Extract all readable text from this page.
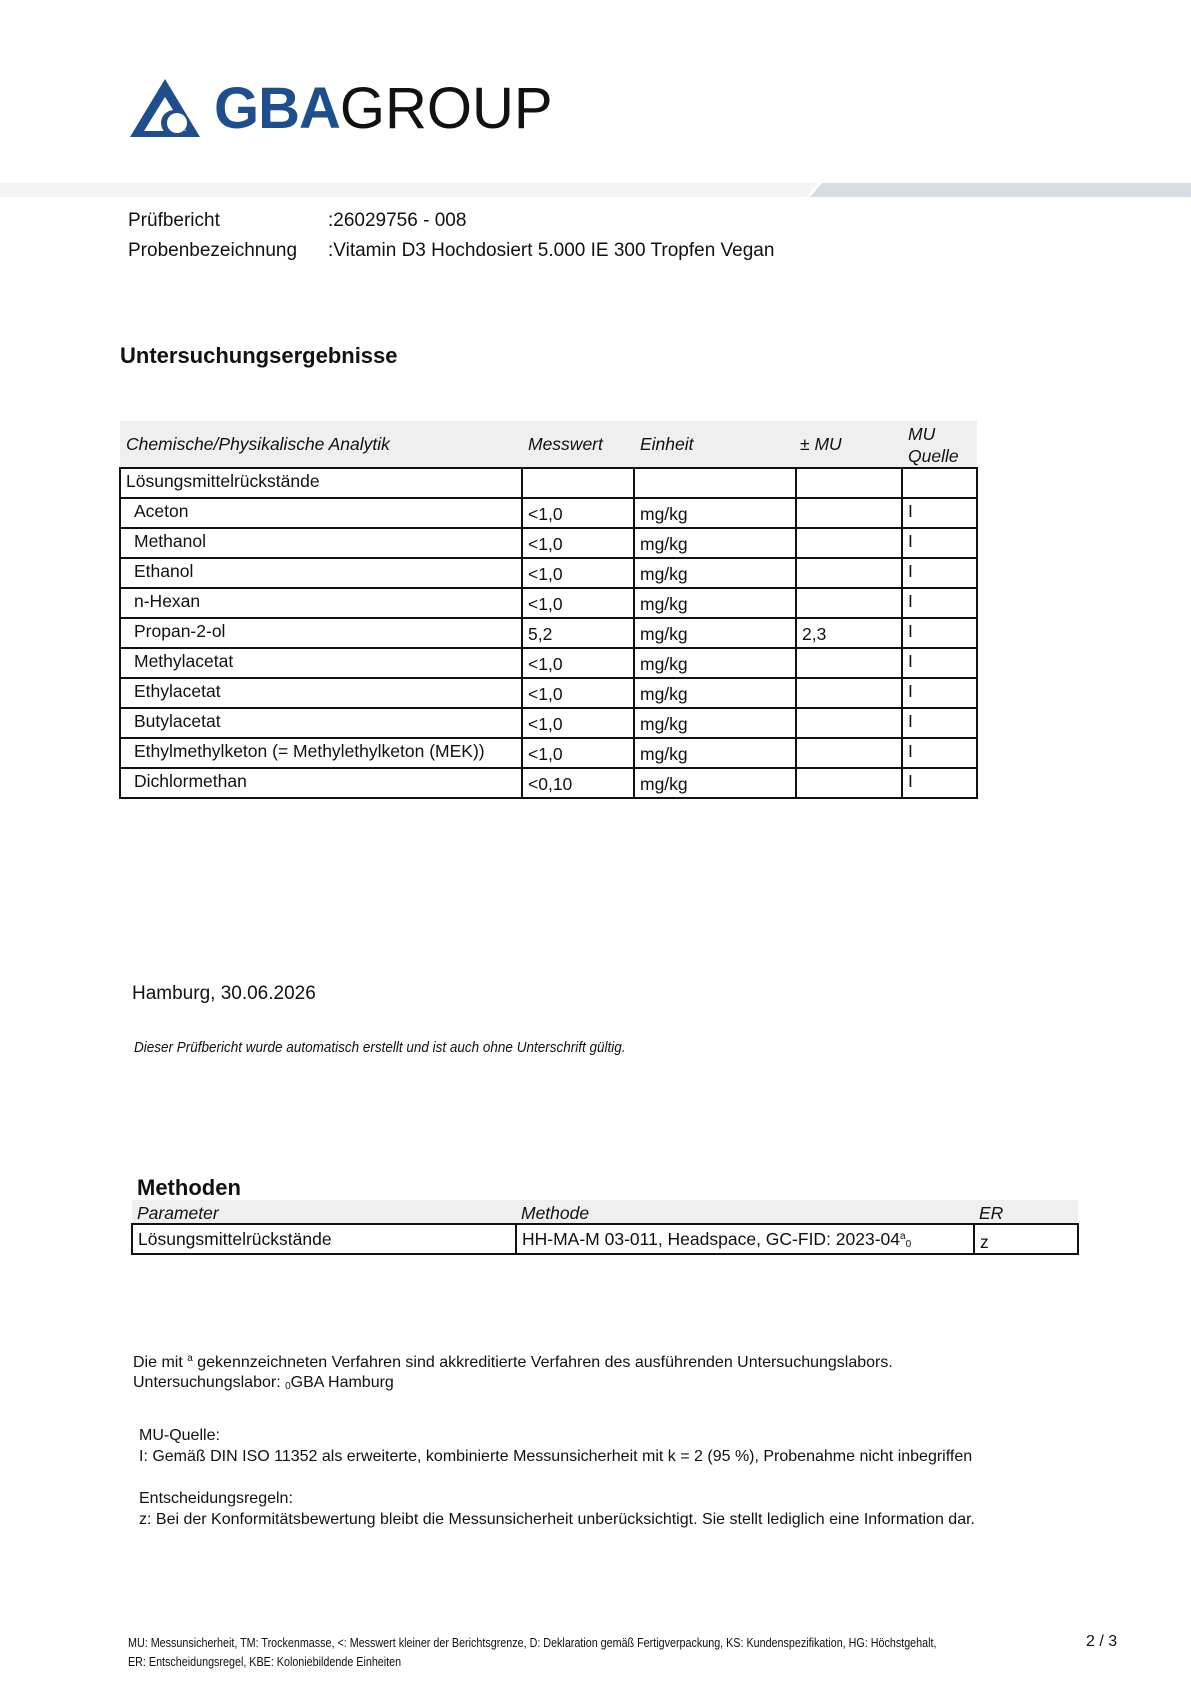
GBA GROUP
Prüfbericht	:26029756 - 008
Probenbezeichnung :Vitamin D3 Hochdosiert 5.000 IE 300 Tropfen Vegan
Untersuchungsergebnisse
Chemische/Physikalische Analytik	Messwert	Einheit	± MU	MU
Quelle
Lösungsmittelrückstände				
Aceton	<1,0	mg/kg		I
Methanol	<1,0	mg/kg		I
Ethanol	<1,0	mg/kg		I
n-Hexan	<1,0	mg/kg		I
Propan-2-ol	5,2	mg/kg	2,3	I
Methylacetat	<1,0	mg/kg		I
Ethylacetat	<1,0	mg/kg		I
Butylacetat	<1,0	mg/kg		I
Ethylmethylketon (= Methylethylketon (MEK))	<1,0	mg/kg		I
Dichlormethan	<0,10	mg/kg		I
Hamburg, 30.06.2026
Dieser Prüfbericht wurde automatisch erstellt und ist auch ohne Unterschrift gültig.
Methoden
Parameter	Methode	ER
Lösungsmittelrückstände	HH-MA-M 03-011, Headspace, GC-FID: $2023-04^a_0$	z
Die mit $^a$ gekennzeichneten Verfahren sind akkreditierte Verfahren des ausführenden Untersuchungslabors.
Untersuchungslabor: $_0$GBA Hamburg
MU-Quelle:
I: Gemäß DIN ISO 11352 als erweiterte, kombinierte Messunsicherheit mit k = 2 (95 %), Probenahme nicht inbegriffen
Entscheidungsregeln:
z: Bei der Konformitätsbewertung bleibt die Messunsicherheit unberücksichtigt. Sie stellt lediglich eine Information dar.
MU: Messunsicherheit, TM: Trockenmasse, <: Messwert kleiner der Berichtsgrenze, D: Deklaration gemäß Fertigverpackung, KS: Kundenspezifikation, HG: Höchstgehalt,
ER: Entscheidungsregel, KBE: Koloniebildende Einheiten
2 / 3
